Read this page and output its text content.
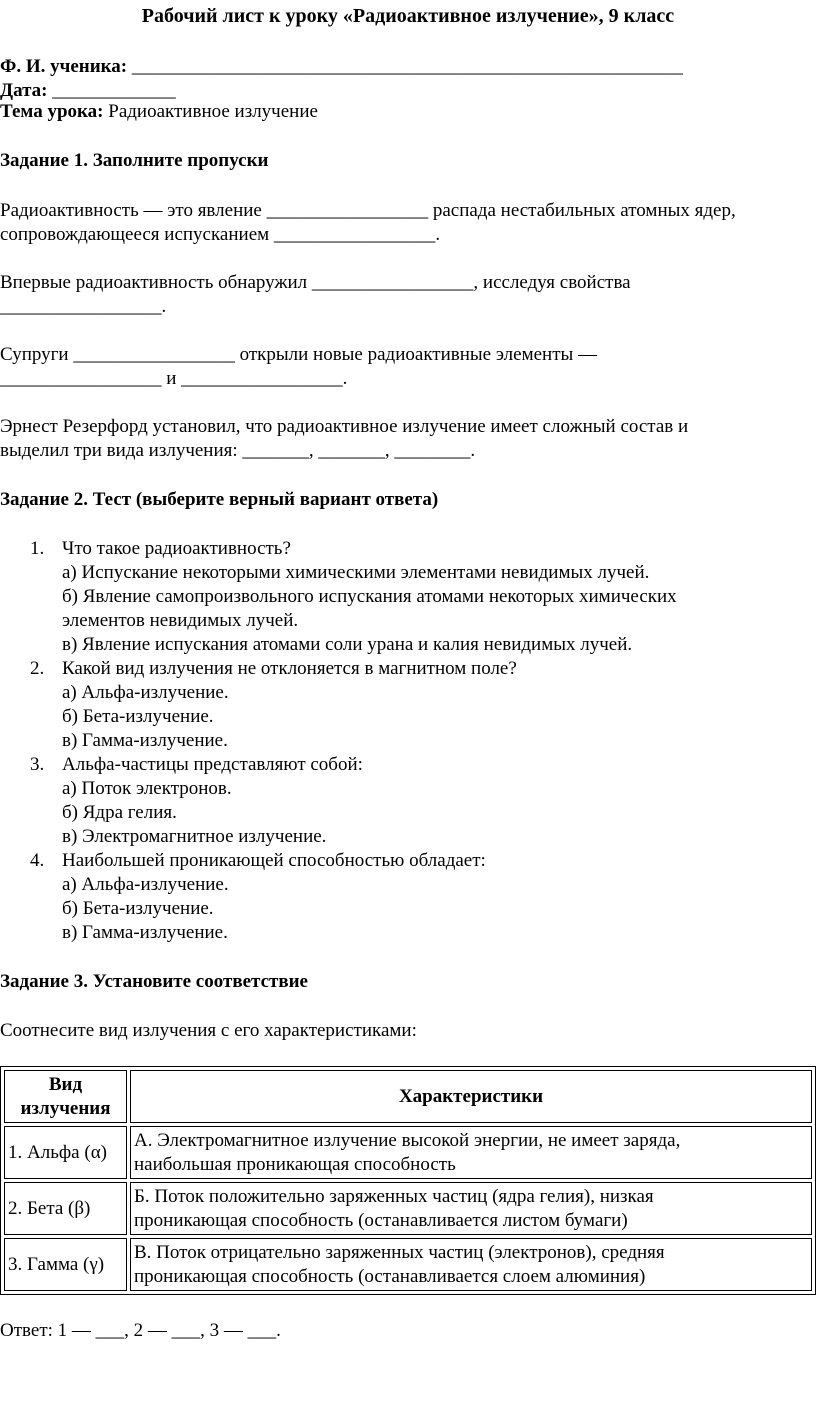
Рабочий лист к уроку «Радиоактивное излучение», 9 класс
Ф. И. ученика: __________________________________________________________
Дата: _____________
Тема урока: Радиоактивное излучение
Задание 1. Заполните пропуски
Радиоактивность — это явление _________________ распада нестабильных атомных ядер,
сопровождающееся испусканием _________________.
Впервые радиоактивность обнаружил _________________, исследуя свойства
_________________.
Супруги _________________ открыли новые радиоактивные элементы —
_________________ и _________________.
Эрнест Резерфорд установил, что радиоактивное излучение имеет сложный состав и
выделил три вида излучения: _______, _______, ________.
Задание 2. Тест (выберите верный вариант ответа)
1. Что такое радиоактивность?
а) Испускание некоторыми химическими элементами невидимых лучей.
б) Явление самопроизвольного испускания атомами некоторых химических
элементов невидимых лучей.
в) Явление испускания атомами соли урана и калия невидимых лучей.
2. Какой вид излучения не отклоняется в магнитном поле?
а) Альфа-излучение.
б) Бета-излучение.
в) Гамма-излучение.
3. Альфа-частицы представляют собой:
а) Поток электронов.
б) Ядра гелия.
в) Электромагнитное излучение.
4. Наибольшей проникающей способностью обладает:
а) Альфа-излучение.
б) Бета-излучение.
в) Гамма-излучение.
Задание 3. Установите соответствие
Соотнесите вид излучения с его характеристиками:
Вид
излучения	Характеристики
1. Альфа (α)	А. Электромагнитное излучение высокой энергии, не имеет заряда,
наибольшая проникающая способность

2. Бета (β)	Б. Поток положительно заряженных частиц (ядра гелия), низкая
проникающая способность (останавливается листом бумаги)

3. Гамма (γ)	В. Поток отрицательно заряженных частиц (электронов), средняя
проникающая способность (останавливается слоем алюминия)
Ответ: 1 — ___, 2 — ___, 3 — ___.
